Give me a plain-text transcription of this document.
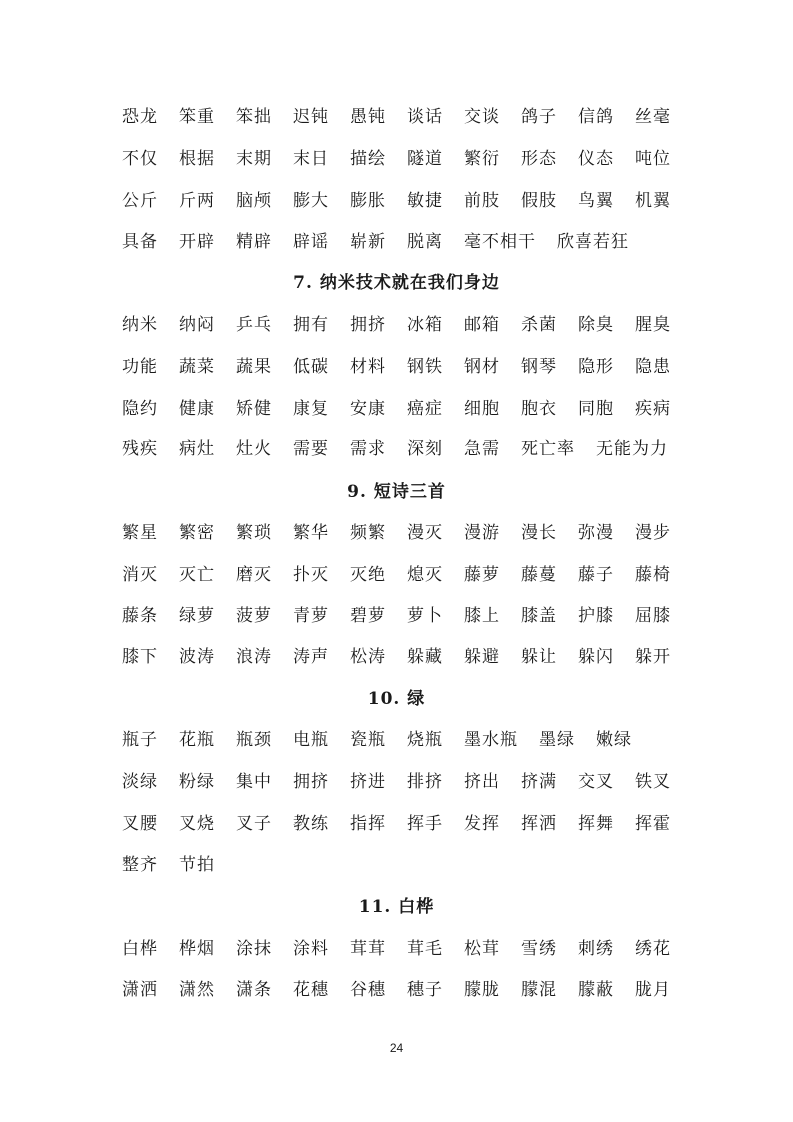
恐龙 笨重 笨拙 迟钝 愚钝 谈话 交谈 鸽子 信鸽 丝毫
不仅 根据 末期 末日 描绘 隧道 繁衍 形态 仪态 吨位
公斤 斤两 脑颅 膨大 膨胀 敏捷 前肢 假肢 鸟翼 机翼
具备 开辟 精辟 辟谣 崭新 脱离 毫不相干 欣喜若狂
7. 纳米技术就在我们身边
纳米 纳闷 乒乓 拥有 拥挤 冰箱 邮箱 杀菌 除臭 腥臭
功能 蔬菜 蔬果 低碳 材料 钢铁 钢材 钢琴 隐形 隐患
隐约 健康 矫健 康复 安康 癌症 细胞 胞衣 同胞 疾病
残疾 病灶 灶火 需要 需求 深刻 急需 死亡率 无能为力
9. 短诗三首
繁星 繁密 繁琐 繁华 频繁 漫灭 漫游 漫长 弥漫 漫步
消灭 灭亡 磨灭 扑灭 灭绝 熄灭 藤萝 藤蔓 藤子 藤椅
藤条 绿萝 菠萝 青萝 碧萝 萝卜 膝上 膝盖 护膝 屈膝
膝下 波涛 浪涛 涛声 松涛 躲藏 躲避 躲让 躲闪 躲开
10. 绿
瓶子 花瓶 瓶颈 电瓶 瓷瓶 烧瓶 墨水瓶 墨绿 嫩绿
淡绿 粉绿 集中 拥挤 挤进 排挤 挤出 挤满 交叉 铁叉
叉腰 叉烧 叉子 教练 指挥 挥手 发挥 挥洒 挥舞 挥霍
整齐 节拍
11. 白桦
白桦 桦烟 涂抹 涂料 茸茸 茸毛 松茸 雪绣 刺绣 绣花
潇洒 潇然 潇条 花穗 谷穗 穗子 朦胧 朦混 朦蔽 胧月
24
